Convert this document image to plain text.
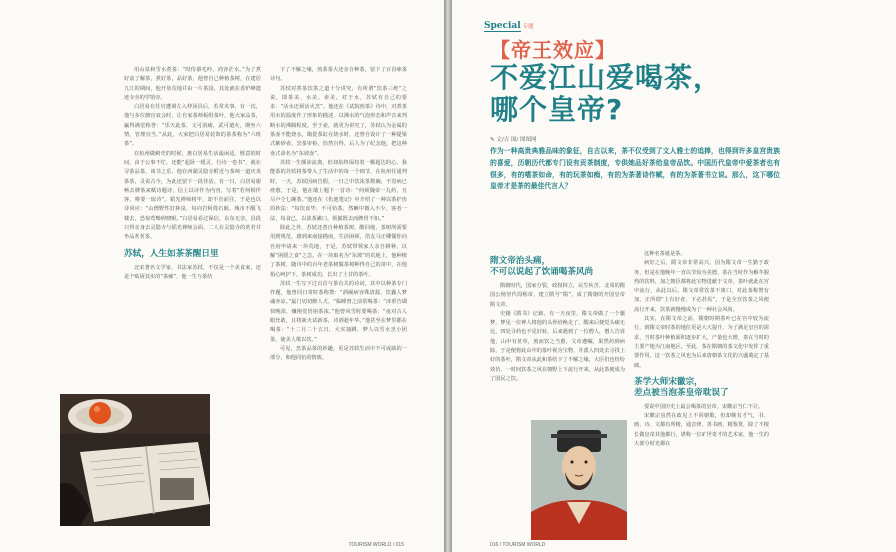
用山泉和雪水煮茶：“时侍幕毛吟，尚容茫水。”为了煮好前了解茶，煮好茶，品好茶，他曾自己种植茶树，在建居九江的期间，他开垦荒地并由一片茶园，其处就在香炉峰遗迹寺旁的学馆旁。

白居易在任官遭调左入仲汤县后，若常夹事，有一次，他与多位朝官衰会时，让自家茶师板组茶叶，他大家品茶，赢得满堂称誉：“乐天此茶，文可消痛，武可遣火，期坐六情，管理宜当。”从此，大家把白居易装饰的茶茶称为“六班茶”。

在杭州做刺史的时候，惠白居易生活最闲适、惬意的时间，由于公事不忙，还能“起卧一缓灵，行诗一卷书”，就在寻茶品茶，谈书之乐。他在西湖灵隐寺附近与茶师一道庆炎茶茶，灵说古今，为此还留下一段佳话。有一日，白居易谢畅去牌茶来赋诗题诗，信上以诗作为内容，写着“若何相伴客，啡要一取诗”。韬光禅师将牢，却不肯前往，于是也以诗回应：“山僧野性好林泉，每向岩阿倚石眠。城市不醒飞楼去，恐惊莺啭碍晓眠。”白居易看过保信，东东无奈，县段只得亲身去灵隐寺与韬光禅师会面，二人在灵隐寺的茗君并坐品茗茗茶。

苏轼，人生如茶茶醒日里

北宋著名文学家、书法家苏轼，不仅是一个美食家，还是个贴厨其实的“茶痴”，他一生与茶结

下了不解之缘，煎茶茶大还亲自种茶，留下了百首咏茶诗句。

苏轼对煮茶饮茶之道十分讲究，有所谓“饮茶三绝”之说，即茶美、水美、壶美。对于水，苏轼有自己的要求：“活水还须活火烹”。他还在《试院煎茶》诗中，对煮茶用水的温度作了形象的描述，以沸水的气泡形态和声音来判断水的沸腾程度。至于壶，就更为讲究了，苏轼认为金属的茶壶不能烧水，陶瓷茶缸在烧水时，还曾自设计了一种提梁式紫砂壶，烹茶审检，恰然自得，后人为了纪念他，把这种壶式命名为“东坡壶”。

苏轼一生颠沛流离，但却始终保持着一颗超达的心，我能茶的苏轼将茶带入了生活中的每一个细节，在杭州任通判时，一天，苏轼因病告假，一日之中饮浓茶数碗，不觉病已痊愈，于是，他在墙上题下一首诗：“何须魏帝一丸药，且尽卢仝七碗茶。”他还在《仇池笔记》中介绍了一种以茶护齿的妙法：“每饮食毕，不可妨茶，然嗽中微入不少，客者一法，每食已，以浓茶漱口，烦腻既去而脾胃不知。”

除此之外，苏轼还善自种植茶树，酸回地，茶树所需要用到规范，感到来南接描南，生活困顿，箔友马正卿懦你向官府申请来一块荒地，于是，苏轼带领家人亲自耕种，以解“困匮之食”之急。在一块取名为“东坡”的荒地上，他种植了茶树，随诗中的百年老茶树做茶树种得自己的苗中，在他指心呵护下，茶树成功，长出了土甘的茶叶。

苏轼一生写下过百首与茶有关的诗词，其中以种茶专门作题，他曾同日常时茶称赞：“酒阑病容殊清舔，饮囊人梦魂亦凉。”最门切切醉人犬，“临睡曾之前常喝茶：“沐垂告瑚快晚浓，赚袍觉悟宿茶浓。”他曾风雪时要喝茶：“夜对古人眼丝敢，且将新火试新茶，诗酒趁年华。”他甚至在梦里都在喝茶：“十二月二十五日，大实抽蹲，梦人以雪水烹小团茶，使美人歌以饮。”

可见，烹茶品茶的妙趣，更是苏轼生活中不可或缺的一部分，和他同伍的情致。

TOURISM WORLD / 015
Special 专题
【帝王效应】
不爱江山爱喝茶，
哪个皇帝?
✎ 文/吉 图/ 图图网
作为一种高贵典雅品味的象征，自古以来，茶不仅受到了文人雅士的追捧，也得到许多皇宫贵族的喜爱，历朝历代都专门设有贡茶制度，专供她品好茶给皇帝品饮。中国历代皇帝中爱茶者也有很多，有的嗜茶如命，有的玩茶如痴，有的为茶著诗作赋，有的为茶著书立说。那么，这下哪位皇帝才是茶的最佳代言人？
隋文帝治头痛，
不可以说起了饮诵喝茶风尚

隋朝时代，国家分裂，政权林立，民生疾苦，北周的隋国公杨坚代周称帝，建立隋号“隋”，成了隋朝的开国皇帝隋文帝。

史籍《隋书》记载，有一天夜里，隋文帝做了一个噩梦，梦见一位神人将他的头骨给换走了，醒来后便觉头痛无比，四处寻药也不见好转，后来遇到了一位僧人，僧人告诉他，山中有茗草，煎而饮之当愈，文帝遵嘱，果然药到病除，于是便将此山中的茶叶视为宝物，并派人四处去寻找上好的茶叶，隋文帝从此和茶结下了不解之缘，大臣们也纷纷效仿，一时间饮茶之风在朝野上下流行开来，从此茶便成为了国民之饮。

这种名茶就是茶。

病好之后，隋文帝非常高兴，因为隋文帝一生勤于政务，但是在他晚年一直以节俭为美德，茶在当时作为解冬腥热的饮料，加之朝臣都将此宝物进献于文帝，茶叶就此在宫中流行，从此以后，隋文帝常饮茶不离口，对此茶称赞有加，正所谓“上有好者，下必甚焉”，于是全宫饮茶之风便流行开来，饮茶就慢慢成为了一种社会风尚。

其实，在隋文帝之前，隋朝时期茶叶已在宫中较为流行，到隋文帝时茶的地位更是大大提升，为了满足皇宫的需求，当时茶叶种植面积逐步扩大，产量也大增，茶在当时的主要产地为江南地区，至此，茶在隋朝的茶文化中发挥了重要作用，这一饮茶之风也为后来唐朝茶文化的兴盛奠定了基础。

茶学大师宋徽宗，
差点被当泡茶皇帝耽误了

要说中国历史上最会喝茶的皇帝，宋徽宗当仁不让。

宋徽宗虽然在政见上不同朝歌，但却颇有才气，书、画、诗、文都有所精，通音律，善书画，精鉴赏，除了不擅长做皇帝其他都行，堪称一位旷世奇才的艺术家，他一生的大部分时光都在

016 / TOURISM WORLD
